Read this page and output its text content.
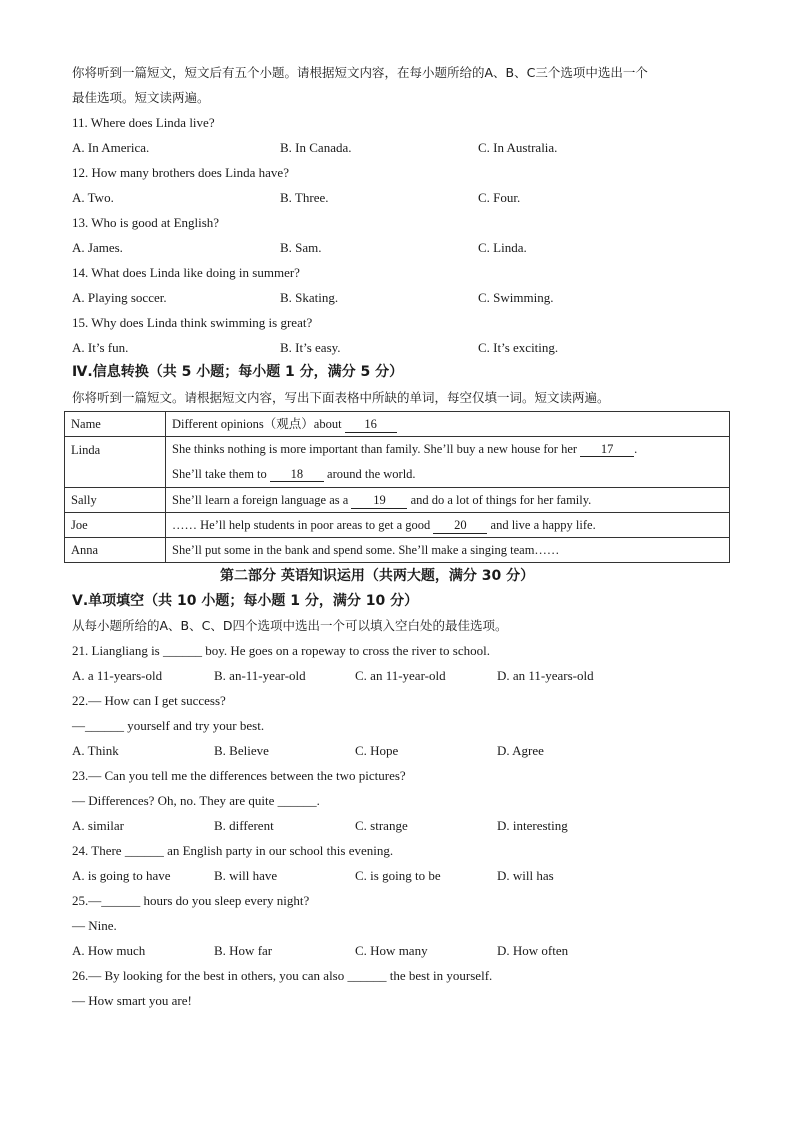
你将听到一篇短文，短文后有五个小题。请根据短文内容，在每小题所给的A、B、C三个选项中选出一个
最佳选项。短文读两遍。
11. Where does Linda live?
A. In America.	B. In Canada.	C. In Australia.
12. How many brothers does Linda have?
A. Two.	B. Three.	C. Four.
13. Who is good at English?
A. James.	B. Sam.	C. Linda.
14. What does Linda like doing in summer?
A. Playing soccer.	B. Skating.	C. Swimming.
15. Why does Linda think swimming is great?
A. It’s fun.	B. It’s easy.	C. It’s exciting.
Ⅳ.信息转换（共 5 小题；每小题 1 分，满分 5 分）
你将听到一篇短文。请根据短文内容，写出下面表格中所缺的单词，每空仅填一词。短文读两遍。
Name	Different opinions（观点）about 16
Linda	She thinks nothing is more important than family. She’ll buy a new house for her 17 .
She’ll take them to 18 around the world.

Sally	She’ll learn a foreign language as a 19 and do a lot of things for her family.
Joe	…… He’ll help students in poor areas to get a good 20 and live a happy life.
Anna	She’ll put some in the bank and spend some. She’ll make a singing team……
第二部分 英语知识运用（共两大题，满分 30 分）
Ⅴ.单项填空（共 10 小题；每小题 1 分，满分 10 分）
从每小题所给的A、B、C、D四个选项中选出一个可以填入空白处的最佳选项。
21. Liangliang is ______ boy. He goes on a ropeway to cross the river to school.
A. a 11-years-old	B. an-11-year-old	C. an 11-year-old	D. an 11-years-old
22.— How can I get success?
—______ yourself and try your best.
A. Think	B. Believe	C. Hope	D. Agree
23.— Can you tell me the differences between the two pictures?
— Differences? Oh, no. They are quite ______.
A. similar	B. different	C. strange	D. interesting
24. There ______ an English party in our school this evening.
A. is going to have	B. will have	C. is going to be	D. will has
25.—______ hours do you sleep every night?
— Nine.
A. How much	B. How far	C. How many	D. How often
26.— By looking for the best in others, you can also ______ the best in yourself.
— How smart you are!
